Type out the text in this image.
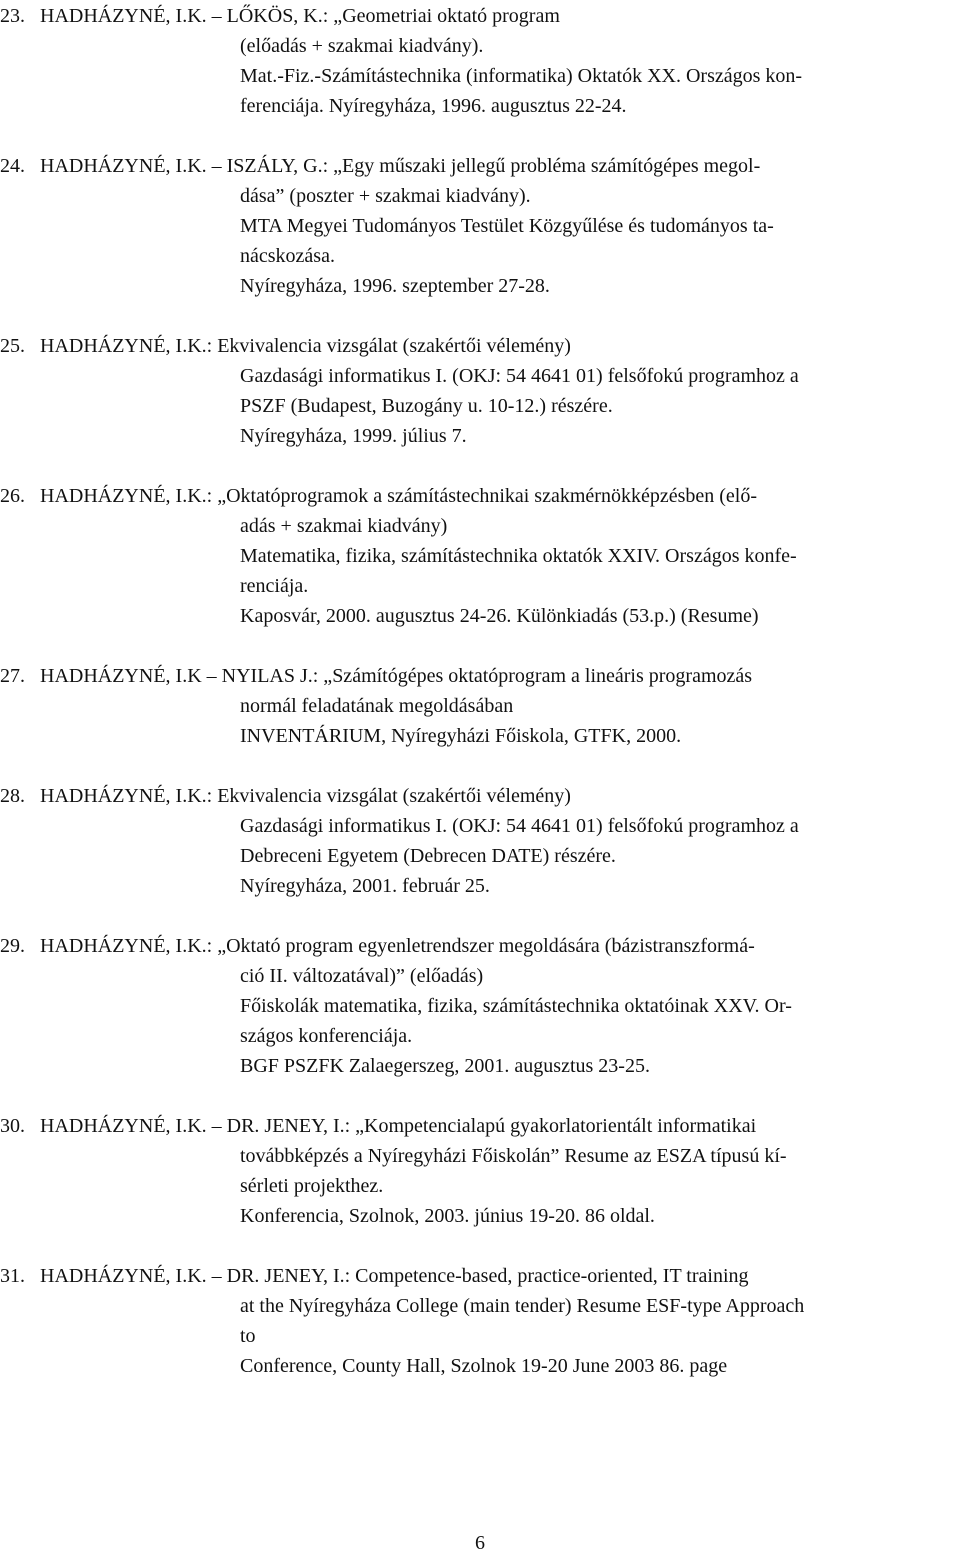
23. HADHÁZYNÉ, I.K. – LŐKÖS, K.: „Geometriai oktató program
(előadás + szakmai kiadvány).
Mat.-Fiz.-Számítástechnika (informatika) Oktatók XX. Országos kon-
ferenciája. Nyíregyháza, 1996. augusztus 22-24.
24. HADHÁZYNÉ, I.K. – ISZÁLY, G.: „Egy műszaki jellegű probléma számítógépes megol-
dása” (poszter + szakmai kiadvány).
MTA Megyei Tudományos Testület Közgyűlése és tudományos ta-
nácskozása.
Nyíregyháza, 1996. szeptember 27-28.
25. HADHÁZYNÉ, I.K.: Ekvivalencia vizsgálat (szakértői vélemény)
Gazdasági informatikus I. (OKJ: 54 4641 01) felsőfokú programhoz a
PSZF (Budapest, Buzogány u. 10-12.) részére.
Nyíregyháza, 1999. július 7.
26. HADHÁZYNÉ, I.K.: „Oktatóprogramok a számítástechnikai szakmérnökképzésben (elő-
adás + szakmai kiadvány)
Matematika, fizika, számítástechnika oktatók XXIV. Országos konfe-
renciája.
Kaposvár, 2000. augusztus 24-26. Különkiadás (53.p.) (Resume)
27. HADHÁZYNÉ, I.K – NYILAS J.: „Számítógépes oktatóprogram a lineáris programozás
normál feladatának megoldásában
INVENTÁRIUM, Nyíregyházi Főiskola, GTFK, 2000.
28. HADHÁZYNÉ, I.K.: Ekvivalencia vizsgálat (szakértői vélemény)
Gazdasági informatikus I. (OKJ: 54 4641 01) felsőfokú programhoz a
Debreceni Egyetem (Debrecen DATE) részére.
Nyíregyháza, 2001. február 25.
29. HADHÁZYNÉ, I.K.: „Oktató program egyenletrendszer megoldására (bázistranszformá-
ció II. változatával)” (előadás)
Főiskolák matematika, fizika, számítástechnika oktatóinak XXV. Or-
szágos konferenciája.
BGF PSZFK Zalaegerszeg, 2001. augusztus 23-25.
30. HADHÁZYNÉ, I.K. – DR. JENEY, I.: „Kompetencialapú gyakorlatorientált informatikai
továbbképzés a Nyíregyházi Főiskolán” Resume az ESZA típusú kí-
sérleti projekthez.
Konferencia, Szolnok, 2003. június 19-20. 86 oldal.
31. HADHÁZYNÉ, I.K. – DR. JENEY, I.: Competence-based, practice-oriented, IT training
at the Nyíregyháza College (main tender) Resume ESF-type Approach
to
Conference, County Hall, Szolnok 19-20 June 2003 86. page
6
